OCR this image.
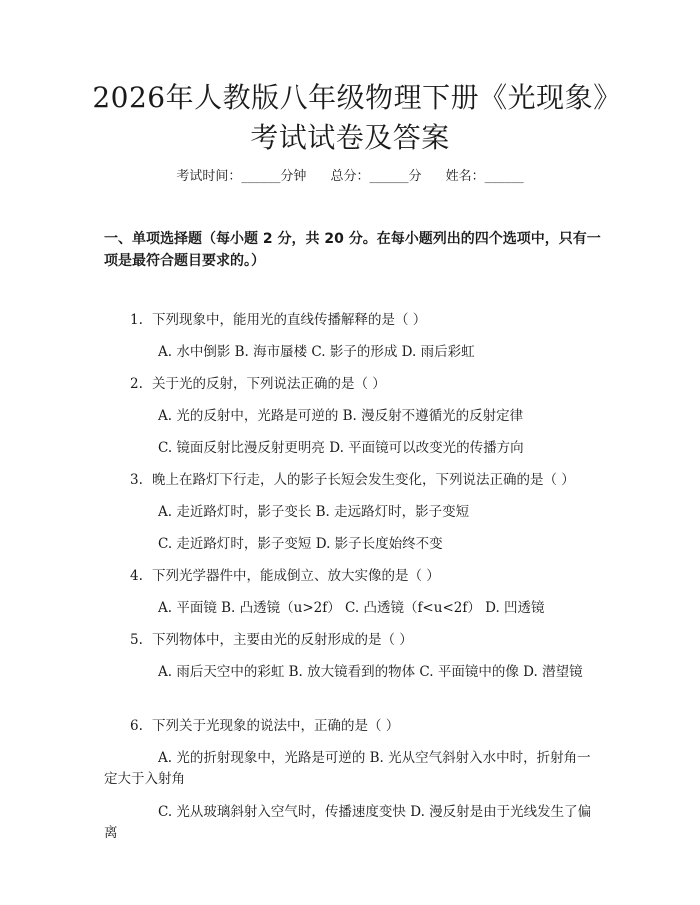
2026年人教版八年级物理下册《光现象》考试试卷及答案
考试时间：______分钟 总分：______分 姓名：______
一、单项选择题（每小题 2 分，共 20 分。在每小题列出的四个选项中，只有一项是最符合题目要求的。）
1. 下列现象中，能用光的直线传播解释的是（ ）
A. 水中倒影 B. 海市蜃楼 C. 影子的形成 D. 雨后彩虹
2. 关于光的反射，下列说法正确的是（ ）
A. 光的反射中，光路是可逆的 B. 漫反射不遵循光的反射定律
C. 镜面反射比漫反射更明亮 D. 平面镜可以改变光的传播方向
3. 晚上在路灯下行走，人的影子长短会发生变化，下列说法正确的是（ ）
A. 走近路灯时，影子变长 B. 走远路灯时，影子变短
C. 走近路灯时，影子变短 D. 影子长度始终不变
4. 下列光学器件中，能成倒立、放大实像的是（ ）
A. 平面镜 B. 凸透镜（u>2f） C. 凸透镜（f<u<2f） D. 凹透镜
5. 下列物体中，主要由光的反射形成的是（ ）
A. 雨后天空中的彩虹 B. 放大镜看到的物体 C. 平面镜中的像 D. 潜望镜
6. 下列关于光现象的说法中，正确的是（ ）
A. 光的折射现象中，光路是可逆的 B. 光从空气斜射入水中时，折射角一定大于入射角
C. 光从玻璃斜射入空气时，传播速度变快 D. 漫反射是由于光线发生了偏离
